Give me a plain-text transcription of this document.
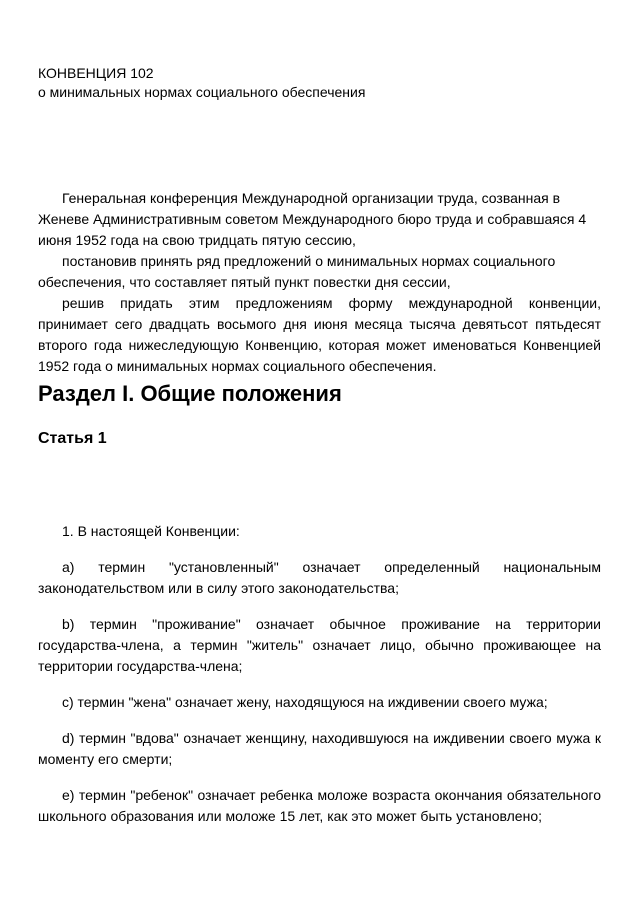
КОНВЕНЦИЯ 102

о минимальных нормах социального обеспечения

Генеральная конференция Международной организации труда, созванная в Женеве Административным советом Международного бюро труда и собравшаяся 4 июня 1952 года на свою тридцать пятую сессию,

постановив принять ряд предложений о минимальных нормах социального обеспечения, что составляет пятый пункт повестки дня сессии,

решив придать этим предложениям форму международной конвенции, принимает сего двадцать восьмого дня июня месяца тысяча девятьсот пятьдесят второго года нижеследующую Конвенцию, которая может именоваться Конвенцией 1952 года о минимальных нормах социального обеспечения.

Раздел I. Общие положения
Статья 1

1. В настоящей Конвенции:

а) термин "установленный" означает определенный национальным законодательством или в силу этого законодательства;

b) термин "проживание" означает обычное проживание на территории государства-члена, а термин "житель" означает лицо, обычно проживающее на территории государства-члена;

c) термин "жена" означает жену, находящуюся на иждивении своего мужа;

d) термин "вдова" означает женщину, находившуюся на иждивении своего мужа к моменту его смерти;

е) термин "ребенок" означает ребенка моложе возраста окончания обязательного школьного образования или моложе 15 лет, как это может быть установлено;
